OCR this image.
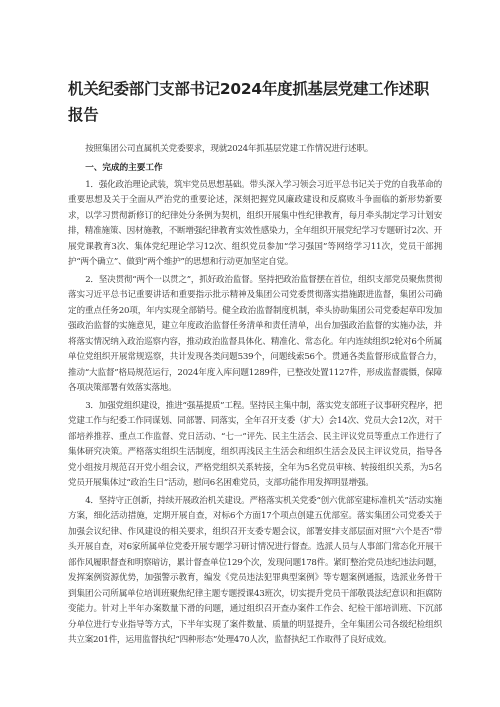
机关纪委部门支部书记2024年度抓基层党建工作述职报告

按照集团公司直属机关党委要求，现就2024年抓基层党建工作情况进行述职。

一、完成的主要工作

1．强化政治理论武装，筑牢党员思想基础。带头深入学习领会习近平总书记关于党的自我革命的重要思想及关于全面从严治党的重要论述，深刻把握党风廉政建设和反腐败斗争面临的新形势新要求，以学习贯彻新修订的纪律处分条例为契机，组织开展集中性纪律教育，每月牵头制定学习计划安排，精准施策、因材施教，不断增强纪律教育实效性感染力，全年组织开展党纪学习专题研讨2次、开展党课教育3次、集体党纪理论学习12次、组织党员参加“学习强国”等网络学习11次，党员干部拥护“两个确立”、做到“两个维护”的思想和行动更加坚定自觉。

2．坚决贯彻“两个一以贯之”，抓好政治监督。坚持把政治监督摆在首位，组织支部党员聚焦贯彻落实习近平总书记重要讲话和重要指示批示精神及集团公司党委贯彻落实措施跟进监督，集团公司确定的重点任务20项，年内实现全部销号。健全政治监督制度机制，牵头协助集团公司党委起草印发加强政治监督的实施意见，建立年度政治监督任务清单和责任清单，出台加强政治监督的实施办法，并将落实情况纳入政治巡察内容，推动政治监督具体化、精准化、常态化。年内连续组织2轮对6个所属单位党组织开展常规巡察，共计发现各类问题539个，问题线索56个。贯通各类监督形成监督合力，推动“大监督”格局规范运行，2024年度入库问题1289件，已整改处置1127件，形成监督震慑，保障各项决策部署有效落实落地。

3．加强党组织建设，推进“强基提质”工程。坚持民主集中制，落实党支部班子议事研究程序，把党建工作与纪委工作同谋划、同部署、同落实，全年召开支委（扩大）会14次、党员大会12次，对干部培养推荐、重点工作监督、党日活动、“七一”评先、民主生活会、民主评议党员等重点工作进行了集体研究决策。严格落实组织生活制度，组织再浅民主生活会和组织生活会及民主评议党员，指导各党小组按月规范召开党小组会议，严格党组织关系转接，全年为5名党员审核、转接组织关系，为5名党员开展集体过“政治生日”活动，慰问6名困难党员，支部功能作用发挥明显增强。

4．坚持守正创新，持续开展政治机关建设。严格落实机关党委“创六优部室建标准机关”活动实施方案，细化活动措施，定期开展自查，对标6个方面17个项点创建五优部室。落实集团公司党委关于加强会议纪律、作风建设的相关要求，组织召开支委专题会议，部署安排支部层面对照“六个是否”带头开展自查，对6家所属单位党委开展专题学习研讨情况进行督查。选派人员与人事部门常态化开展干部作风履职督查和明察暗访，累计督查单位129个次，发现问题178件。紧盯整治党员违纪违法问题，发挥案例资源优势，加强警示教育，编发《党员违法犯罪典型案例》等专题案例通报，选派业务骨干到集团公司所属单位培训班聚焦纪律主题专题授课43班次，切实提升党员干部敬畏法纪意识和拒腐防变能力。针对上半年办案数量下滑的问题，通过组织召开查办案件工作会、纪检干部培训班、下沉部分单位进行专业指导等方式，下半年实现了案件数量、质量的明显提升，全年集团公司各级纪检组织共立案201件，运用监督执纪“四种形态”处理470人次，监督执纪工作取得了良好成效。
